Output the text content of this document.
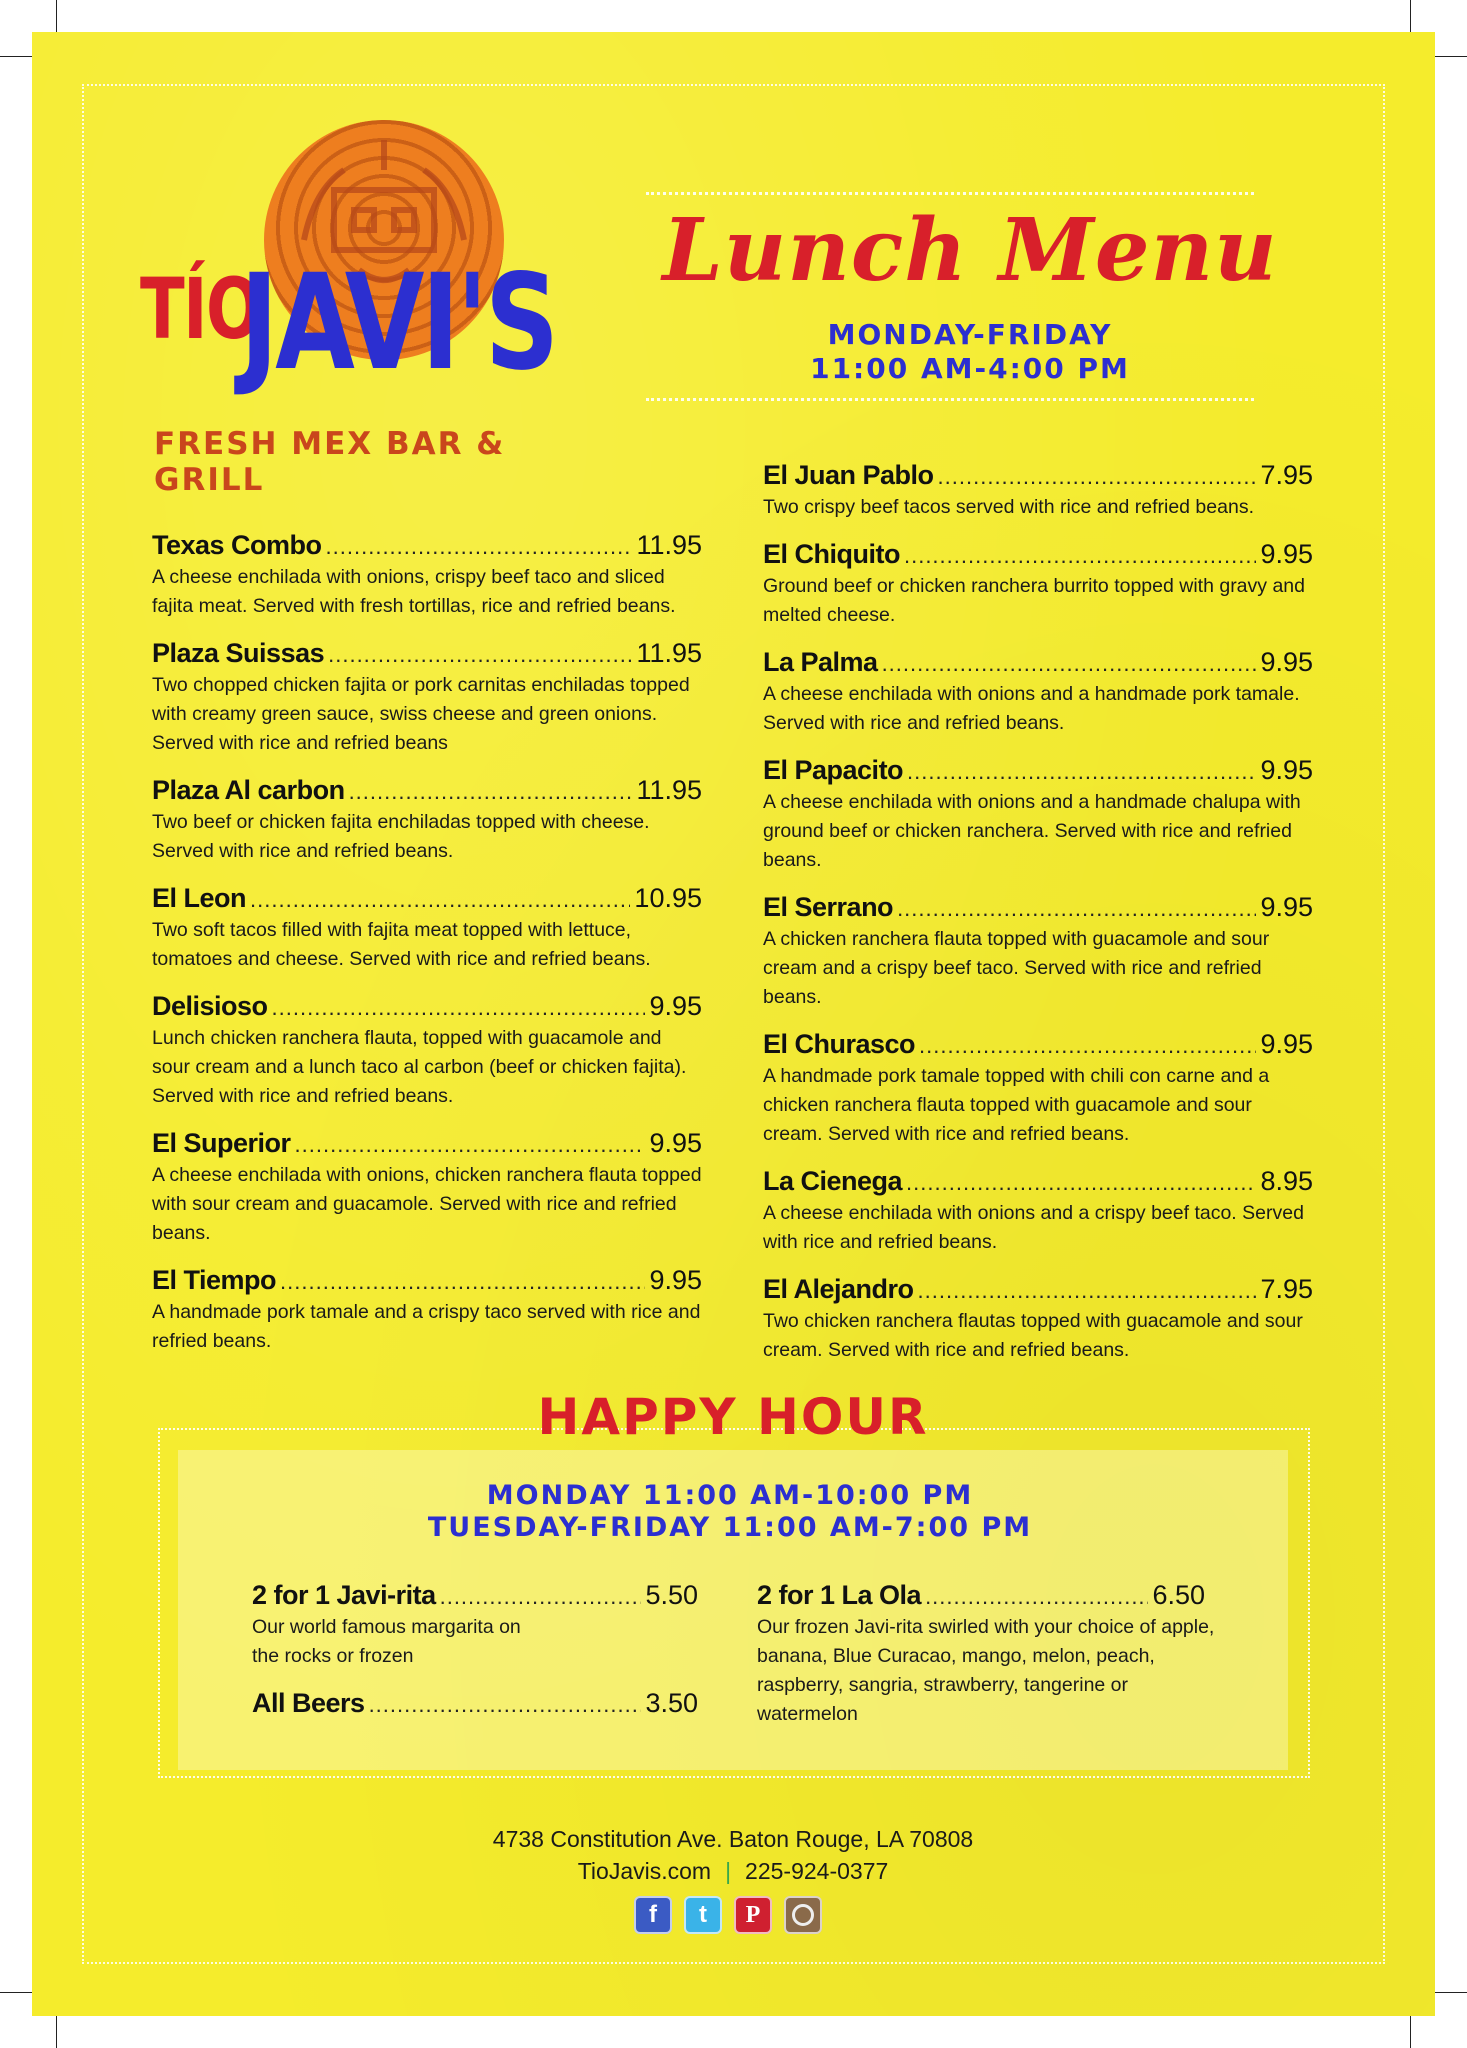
TÍO
JAVI'S
FRESH MEX BAR & GRILL
Lunch Menu
MONDAY-FRIDAY
11:00 AM-4:00 PM
Texas Combo .....	11.95
A cheese enchilada with onions, crispy beef taco and sliced fajita meat. Served with fresh tortillas, rice and refried beans.
Plaza Suissas .....	11.95
Two chopped chicken fajita or pork carnitas enchiladas topped with creamy green sauce, swiss cheese and green onions. Served with rice and refried beans
Plaza Al carbon .....	11.95
Two beef or chicken fajita enchiladas topped with cheese. Served with rice and refried beans.
El Leon .....	10.95
Two soft tacos filled with fajita meat topped with lettuce, tomatoes and cheese. Served with rice and refried beans.
Delisioso .....	9.95
Lunch chicken ranchera flauta, topped with guacamole and sour cream and a lunch taco al carbon (beef or chicken fajita). Served with rice and refried beans.
El Superior .....	9.95
A cheese enchilada with onions, chicken ranchera flauta topped with sour cream and guacamole. Served with rice and refried beans.
El Tiempo .....	9.95
A handmade pork tamale and a crispy taco served with rice and refried beans.
El Juan Pablo .....	7.95
Two crispy beef tacos served with rice and refried beans.
El Chiquito .....	9.95
Ground beef or chicken ranchera burrito topped with gravy and melted cheese.
La Palma .....	9.95
A cheese enchilada with onions and a handmade pork tamale. Served with rice and refried beans.
El Papacito .....	9.95
A cheese enchilada with onions and a handmade chalupa with ground beef or chicken ranchera. Served with rice and refried beans.
El Serrano .....	9.95
A chicken ranchera flauta topped with guacamole and sour cream and a crispy beef taco. Served with rice and refried beans.
El Churasco .....	9.95
A handmade pork tamale topped with chili con carne and a chicken ranchera flauta topped with guacamole and sour cream. Served with rice and refried beans.
La Cienega .....	8.95
A cheese enchilada with onions and a crispy beef taco. Served with rice and refried beans.
El Alejandro .....	7.95
Two chicken ranchera flautas topped with guacamole and sour cream. Served with rice and refried beans.
HAPPY HOUR
MONDAY 11:00 AM-10:00 PM
TUESDAY-FRIDAY 11:00 AM-7:00 PM
2 for 1 Javi-rita .....	5.50
Our world famous margarita on the rocks or frozen
All Beers .....	3.50
2 for 1 La Ola .....	6.50
Our frozen Javi-rita swirled with your choice of apple, banana, Blue Curacao, mango, melon, peach, raspberry, sangria, strawberry, tangerine or watermelon
4738 Constitution Ave. Baton Rouge, LA 70808
TioJavis.com | 225-924-0377
f t P
